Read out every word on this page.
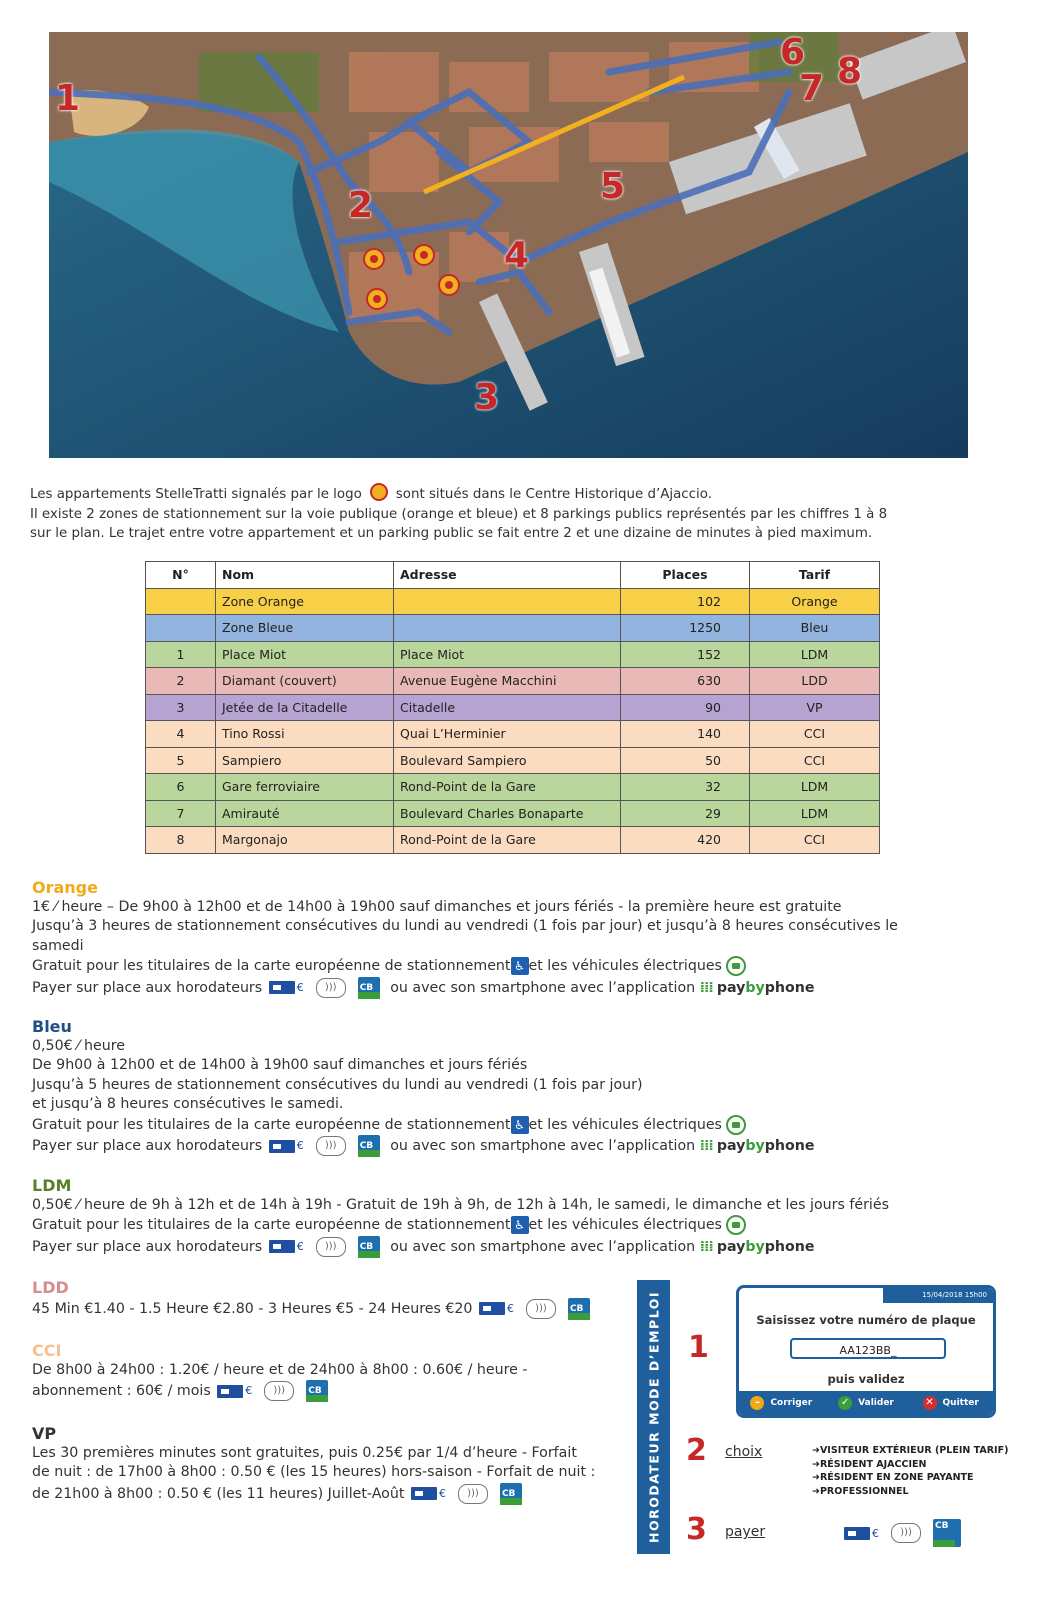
1
2
3
4
5
6
7 8
Les appartements StelleTratti signalés par le logo	sont situés dans le Centre Historique d’Ajaccio.
Il existe 2 zones de stationnement sur la voie publique (orange et bleue) et 8 parkings publics représentés par les chiffres 1 à 8
sur le plan. Le trajet entre votre appartement et un parking public se fait entre 2 et une dizaine de minutes à pied maximum.
N°	Nom	Adresse	Places	Tarif
	Zone Orange		102	Orange
	Zone Bleue		1250	Bleu
1	Place Miot	Place Miot	152	LDM
2	Diamant (couvert)	Avenue Eugène Macchini	630	LDD
3	Jetée de la Citadelle	Citadelle	90	VP
4	Tino Rossi	Quai L’Herminier	140	CCI
5	Sampiero	Boulevard Sampiero	50	CCI
6	Gare ferroviaire	Rond-Point de la Gare	32	LDM
7	Amirauté	Boulevard Charles Bonaparte	29	LDM
8	Margonajo	Rond-Point de la Gare	420	CCI
Orange
1€ ⁄ heure – De 9h00 à 12h00 et de 14h00 à 19h00 sauf dimanches et jours fériés - la première heure est gratuite
Jusqu’à 3 heures de stationnement consécutives du lundi au vendredi (1 fois par jour) et jusqu’à 8 heures consécutives le
samedi
Gratuit pour les titulaires de la carte européenne de stationnement ♿ et les véhicules électriques
Payer sur place aux horodateurs	€ ))) CB	ou avec son smartphone avec l’application ⁞⁞⁞ paybyphone
Bleu
0,50€ ⁄ heure
De 9h00 à 12h00 et de 14h00 à 19h00 sauf dimanches et jours fériés
Jusqu’à 5 heures de stationnement consécutives du lundi au vendredi (1 fois par jour)
et jusqu’à 8 heures consécutives le samedi.
Gratuit pour les titulaires de la carte européenne de stationnement ♿ et les véhicules électriques
Payer sur place aux horodateurs	€ ))) CB	ou avec son smartphone avec l’application ⁞⁞⁞ paybyphone
LDM
0,50€ ⁄ heure de 9h à 12h et de 14h à 19h - Gratuit de 19h à 9h, de 12h à 14h, le samedi, le dimanche et les jours fériés
Gratuit pour les titulaires de la carte européenne de stationnement ♿ et les véhicules électriques
Payer sur place aux horodateurs	€ ))) CB	ou avec son smartphone avec l’application ⁞⁞⁞ paybyphone
LDD
45 Min €1.40 - 1.5 Heure €2.80 - 3 Heures €5 - 24 Heures €20	€ )))CB
CCI
De 8h00 à 24h00 : 1.20€ / heure et de 24h00 à 8h00 : 0.60€ / heure -
abonnement : 60€ / mois	€ )))CB
VP
Les 30 premières minutes sont gratuites, puis 0.25€ par 1/4 d’heure - Forfait
de nuit : de 17h00 à 8h00 : 0.50 € (les 15 heures) hors-saison - Forfait de nuit :
de 21h00 à 8h00 : 0.50 € (les 11 heures) Juillet-Août	€ ))) CB	HORODATEUR MODE D’EMPLOI 1
2
3
choix
payer
15/04/2018 15h00
Saisissez votre numéro de plaque
AA123BB_
puis validez
–	Corriger	✓ Valider	✕ Quitter
➜VISITEUR EXTÉRIEUR (PLEIN TARIF)
➜RÉSIDENT AJACCIEN
➜RÉSIDENT EN ZONE PAYANTE
➜PROFESSIONNEL
€ )))CB
